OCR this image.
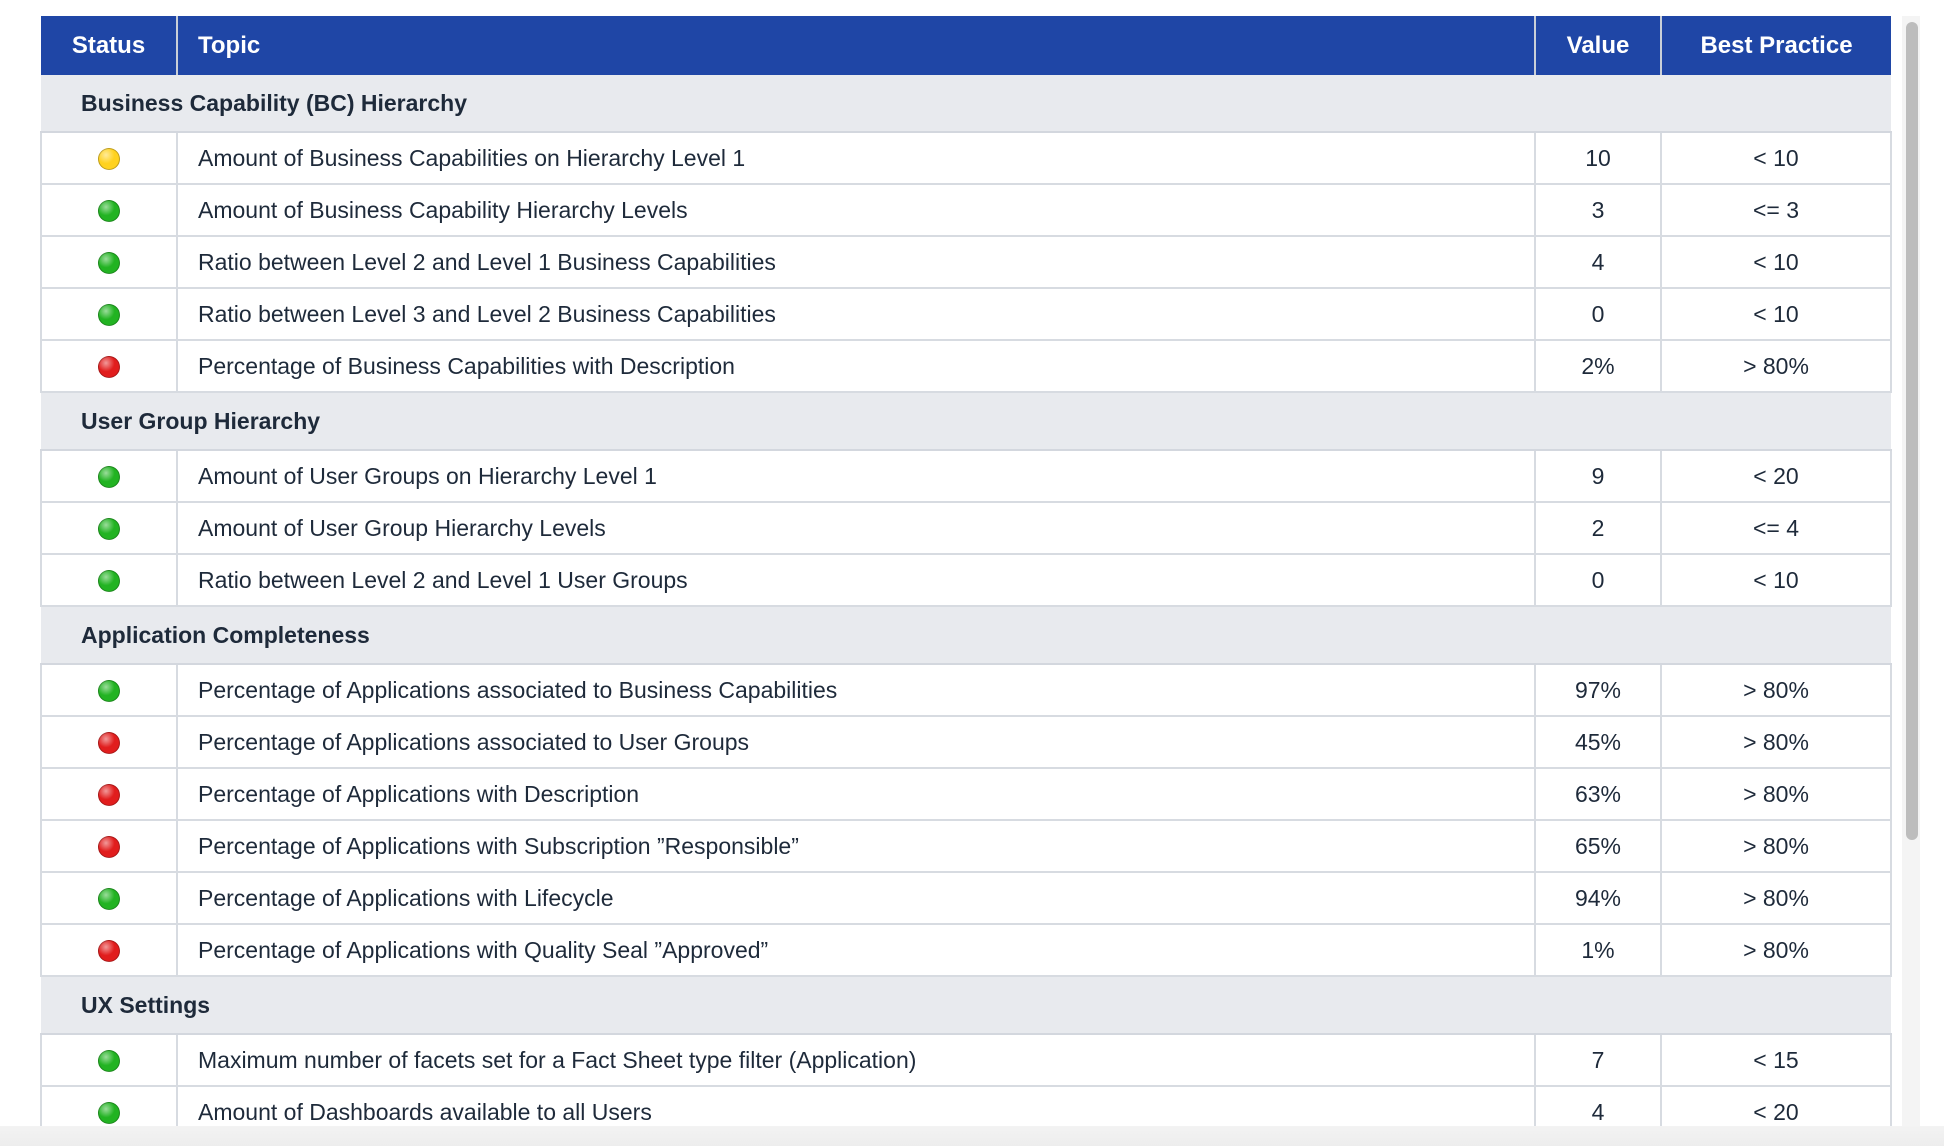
Status	Topic	Value	Best Practice
Business Capability (BC) Hierarchy			
	Amount of Business Capabilities on Hierarchy Level 1	10	< 10
	Amount of Business Capability Hierarchy Levels	3	<= 3
	Ratio between Level 2 and Level 1 Business Capabilities	4	< 10
	Ratio between Level 3 and Level 2 Business Capabilities	0	< 10
	Percentage of Business Capabilities with Description	2%	> 80%
User Group Hierarchy			
	Amount of User Groups on Hierarchy Level 1	9	< 20
	Amount of User Group Hierarchy Levels	2	<= 4
	Ratio between Level 2 and Level 1 User Groups	0	< 10
Application Completeness			
	Percentage of Applications associated to Business Capabilities	97%	> 80%
	Percentage of Applications associated to User Groups	45%	> 80%
	Percentage of Applications with Description	63%	> 80%
	Percentage of Applications with Subscription ”Responsible”	65%	> 80%
	Percentage of Applications with Lifecycle	94%	> 80%
	Percentage of Applications with Quality Seal ”Approved”	1%	> 80%
UX Settings			
	Maximum number of facets set for a Fact Sheet type filter (Application)	7	< 15
	Amount of Dashboards available to all Users	4	< 20
